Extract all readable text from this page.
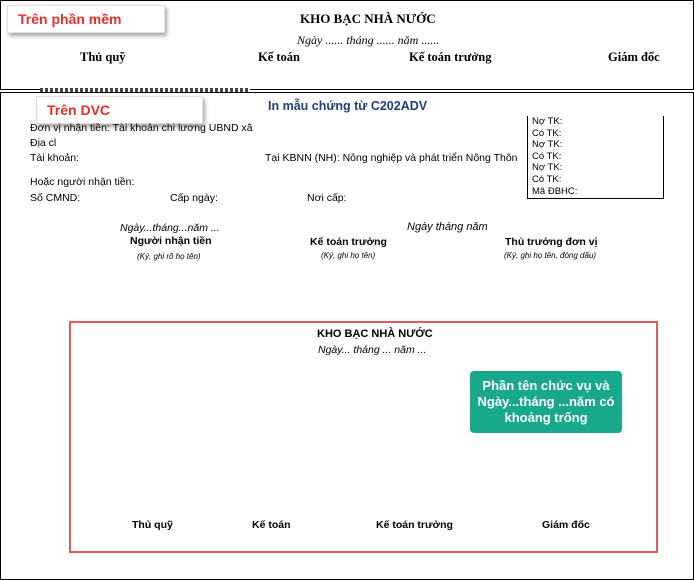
Trên phần mềm	KHO BẠC NHÀ NƯỚC
Ngày ...... tháng ...... năm ......
Thủ quỹ	Kế toán	Kế toán trưởng	Giám đốc
Trên DVC	In mẫu chứng từ C202ADV
Đơn vị nhận tiền: Tài khoản chi lương UBND xã
Địa cl
Tài khoản:	Tại KBNN (NH): Nông nghiệp và phát triển Nông Thôn
Hoặc người nhận tiền:
Số CMND:	Cấp ngày:	Nơi cấp:
Nợ TK:
Có TK:
Nợ TK:
Có TK:
Nợ TK:
Có TK:
Mã ĐBHC:
Ngày...tháng...năm ...	Ngày tháng năm
Người nhận tiền
(Ký, ghi rõ họ tên)
Kế toán trưởng
(Ký, ghi họ tên)
Thủ trưởng đơn vị
(Ký, ghi họ tên, đóng dấu)
KHO BẠC NHÀ NƯỚC
Ngày... tháng ... năm ...
Phần tên chức vụ và Ngày...tháng ...năm có khoảng trống
Thủ quỹ	Kế toán	Kế toán trưởng	Giám đốc
